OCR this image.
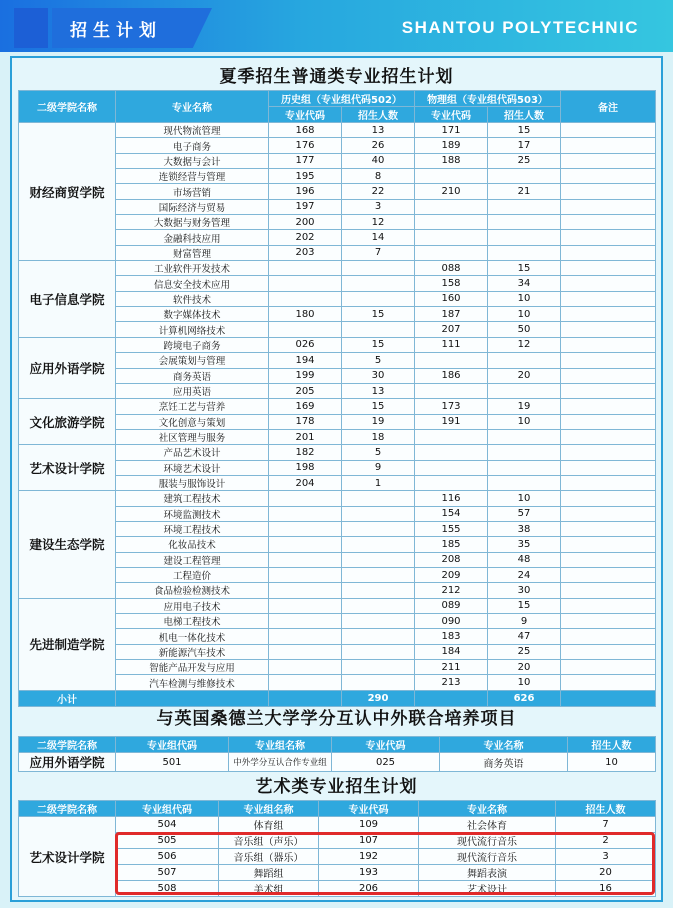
招生计划	SHANTOU POLYTECHNIC
夏季招生普通类专业招生计划
二级学院名称	专业名称	历史组（专业组代码502）		物理组（专业组代码503）		备注
		专业代码	招生人数	专业代码	招生人数	
财经商贸学院	现代物流管理	168	13	171	15	
	电子商务	176	26	189	17	
	大数据与会计	177	40	188	25	
	连锁经营与管理	195	8			
	市场营销	196	22	210	21	
	国际经济与贸易	197	3			
	大数据与财务管理	200	12			
	金融科技应用	202	14			
	财富管理	203	7			
电子信息学院	工业软件开发技术			088	15	
	信息安全技术应用			158	34	
	软件技术			160	10	
	数字媒体技术	180	15	187	10	
	计算机网络技术			207	50	
应用外语学院	跨境电子商务	026	15	111	12	
	会展策划与管理	194	5			
	商务英语	199	30	186	20	
	应用英语	205	13			
文化旅游学院	烹饪工艺与营养	169	15	173	19	
	文化创意与策划	178	19	191	10	
	社区管理与服务	201	18			
艺术设计学院	产品艺术设计	182	5			
	环境艺术设计	198	9			
	服装与服饰设计	204	1			
建设生态学院	建筑工程技术			116	10	
	环境监测技术			154	57	
	环境工程技术			155	38	
	化妆品技术			185	35	
	建设工程管理			208	48	
	工程造价			209	24	
	食品检验检测技术			212	30	
先进制造学院	应用电子技术			089	15	
	电梯工程技术			090	9	
	机电一体化技术			183	47	
	新能源汽车技术			184	25	
	智能产品开发与应用			211	20	
	汽车检测与维修技术			213	10	
小计			290		626	
与英国桑德兰大学学分互认中外联合培养项目
二级学院名称	专业组代码	专业组名称	专业代码	专业名称	招生人数
应用外语学院	501	中外学分互认合作专业组	025	商务英语	10
艺术类专业招生计划
二级学院名称	专业组代码	专业组名称	专业代码	专业名称	招生人数
艺术设计学院	504	体育组	109	社会体育	7
	505	音乐组（声乐）	107	现代流行音乐	2
	506	音乐组（器乐）	192	现代流行音乐	3
	507	舞蹈组	193	舞蹈表演	20
	508	美术组	206	艺术设计	16
